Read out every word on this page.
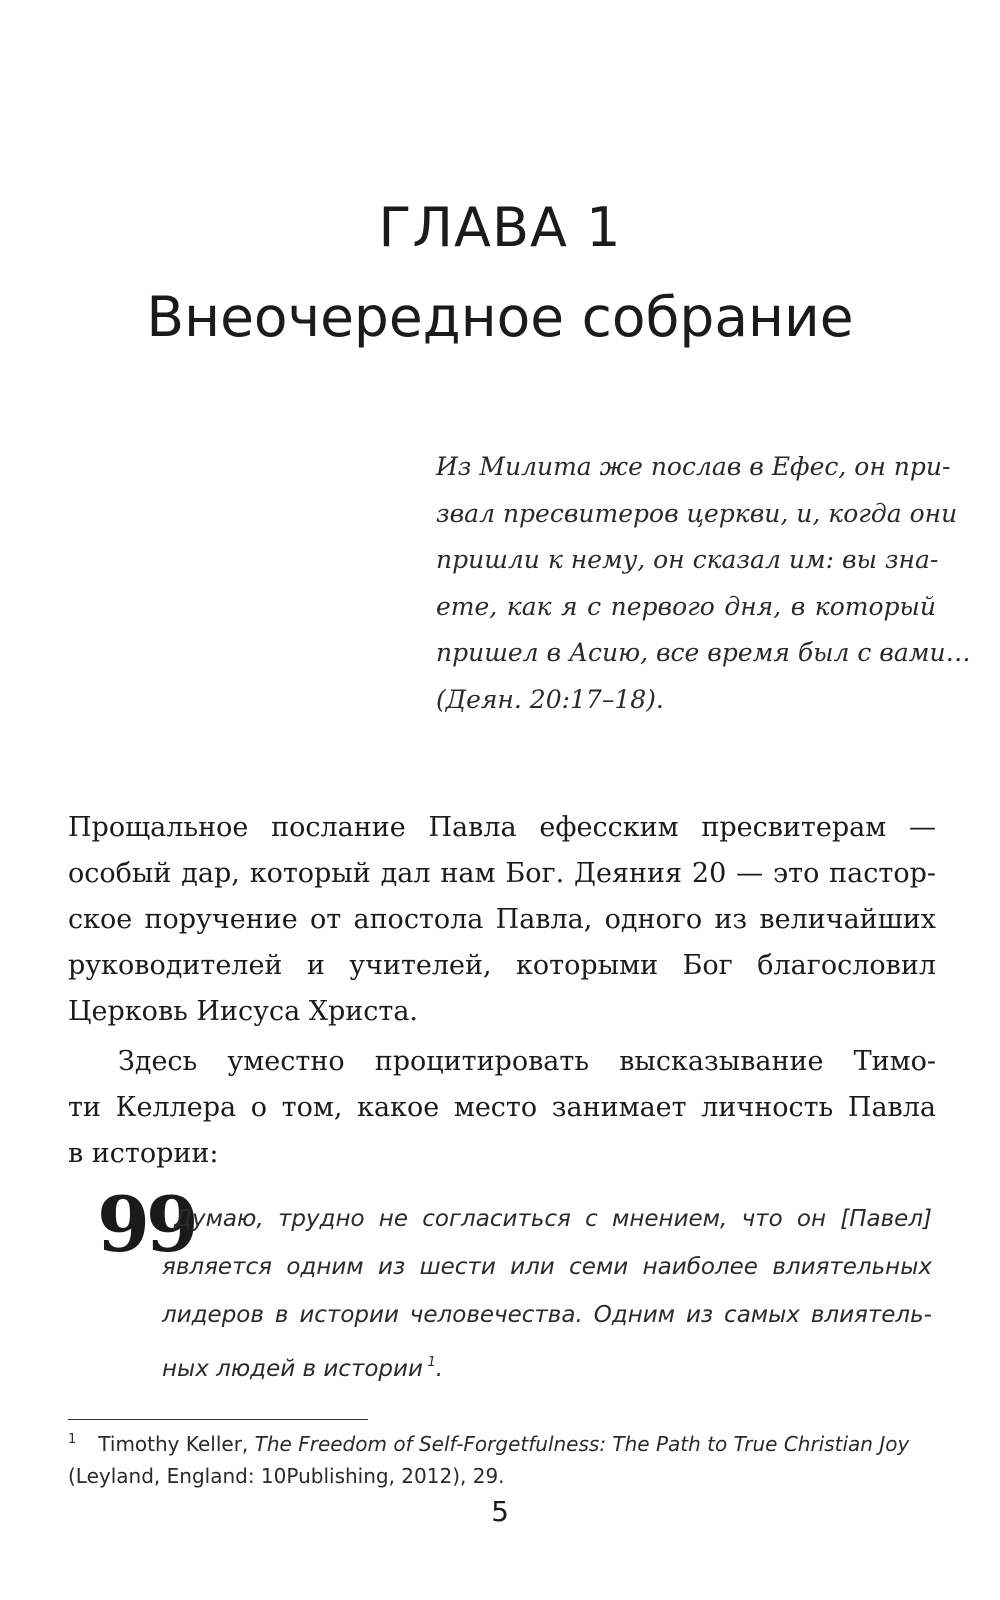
ГЛАВА 1
Внеочередное собрание
Из Милита же послав в Ефес, он при-
звал пресвитеров церкви, и, когда они
пришли к нему, он сказал им: вы зна-
ете, как я с первого дня, в который
пришел в Асию, все время был с вами…
(Деян. 20:17–18).
Прощальное послание Павла ефесским пресвитерам —
особый дар, который дал нам Бог. Деяния 20 — это пастор-
ское поручение от апостола Павла, одного из величайших
руководителей и учителей, которыми Бог благословил
Церковь Иисуса Христа.
Здесь уместно процитировать высказывание Тимо-
ти Келлера о том, какое место занимает личность Павла
в истории:
99
Думаю, трудно не согласиться с мнением, что он [Павел]
является одним из шести или семи наиболее влиятельных
лидеров в истории человечества. Одним из самых влиятель-
ных людей в истории  $^1$.
$^1$ Timothy Keller, The Freedom of Self-Forgetfulness: The Path to True Christian Joy
(Leyland, England: 10Publishing, 2012), 29.
5
